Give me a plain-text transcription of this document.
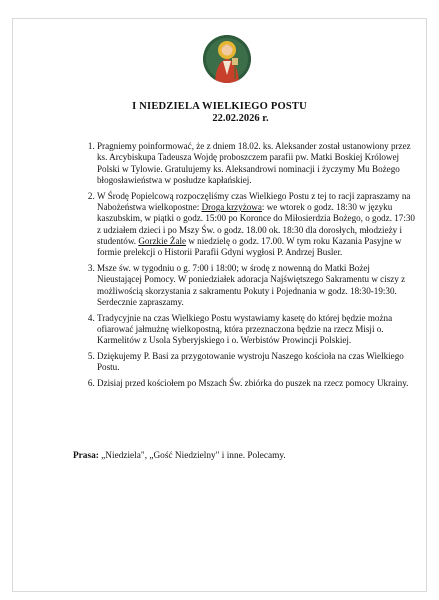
I NIEDZIELA WIELKIEGO POSTU
22.02.2026 r.
1. Pragniemy poinformować, że z dniem 18.02. ks. Aleksander został ustanowiony przez ks. Arcybiskupa Tadeusza Wojdę proboszczem parafii pw. Matki Boskiej Królowej Polski w Tylowie. Gratulujemy ks. Aleksandrowi nominacji i życzymy Mu Bożego błogosławieństwa w posłudze kapłańskiej.
2. W Środę Popielcową rozpoczęliśmy czas Wielkiego Postu z tej to racji zapraszamy na Nabożeństwa wielkopostne: Droga krzyżowa: we wtorek o godz. 18:30 w języku kaszubskim, w piątki o godz. 15:00 po Koronce do Miłosierdzia Bożego, o godz. 17:30 z udziałem dzieci i po Mszy Św. o godz. 18.00 ok. 18:30 dla dorosłych, młodzieży i studentów. Gorzkie Żale w niedzielę o godz. 17.00. W tym roku Kazania Pasyjne w formie prelekcji o Historii Parafii Gdyni wygłosi P. Andrzej Busler.
3. Msze św. w tygodniu o g. 7:00 i 18:00; w środę z nowenną do Matki Bożej Nieustającej Pomocy. W poniedziałek adoracja Najświętszego Sakramentu w ciszy z możliwością skorzystania z sakramentu Pokuty i Pojednania w godz. 18:30-19:30. Serdecznie zapraszamy.
4. Tradycyjnie na czas Wielkiego Postu wystawiamy kasetę do której będzie można ofiarować jałmużnę wielkopostną, która przeznaczona będzie na rzecz Misji o. Karmelitów z Usola Syberyjskiego i o. Werbistów Prowincji Polskiej.
5. Dziękujemy P. Basi za przygotowanie wystroju Naszego kościoła na czas Wielkiego Postu.
6. Dzisiaj przed kościołem po Mszach Św. zbiórka do puszek na rzecz pomocy Ukrainy.
Prasa: „Niedziela", „Gość Niedzielny" i inne. Polecamy.
